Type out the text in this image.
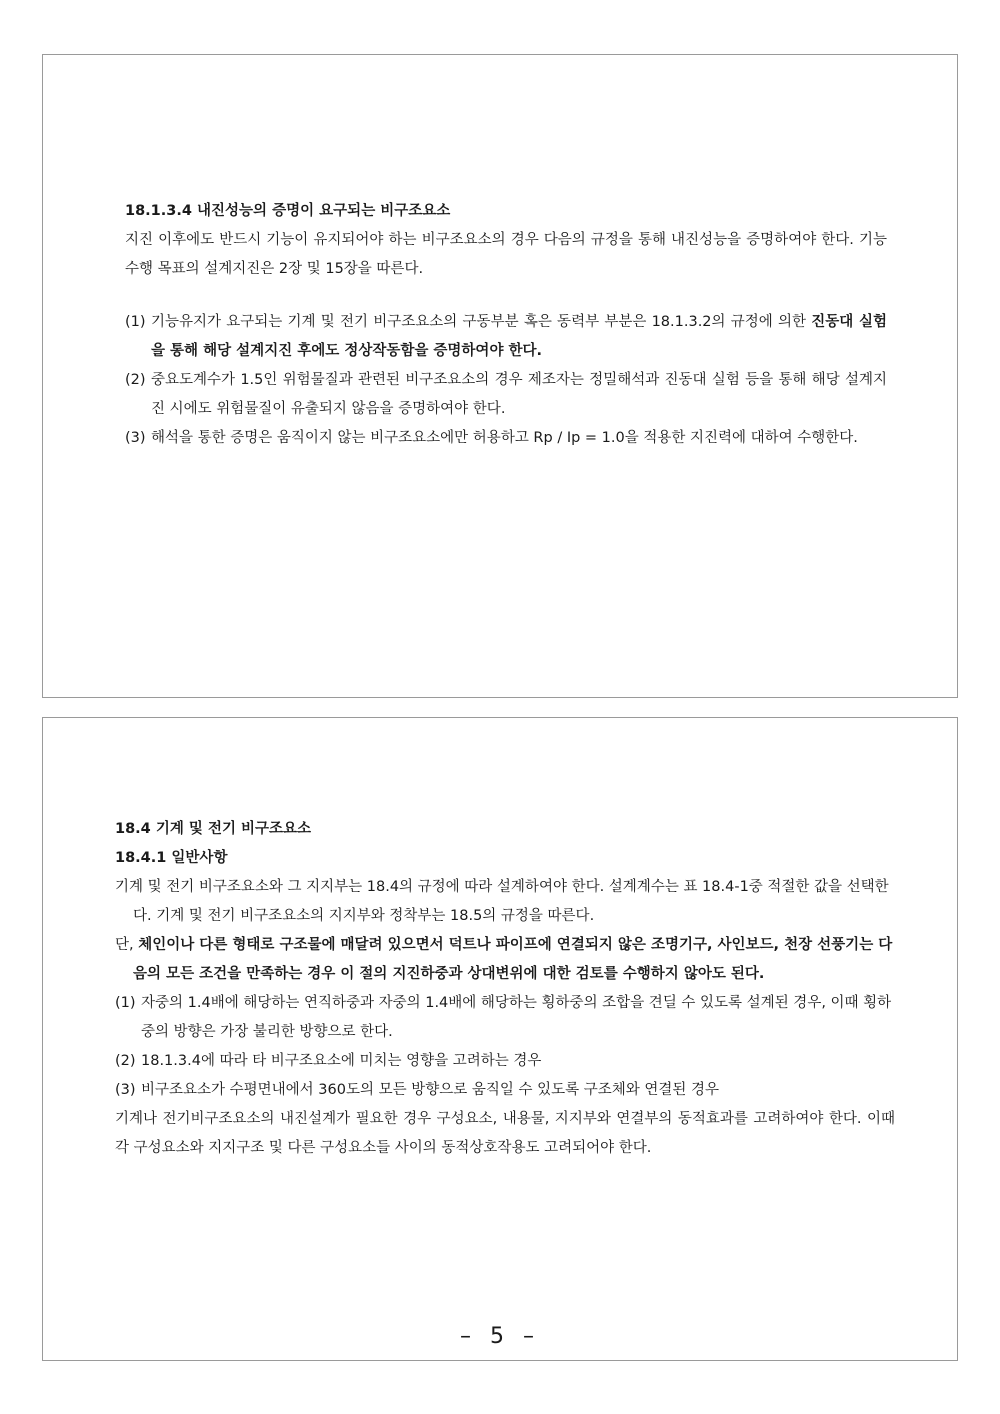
18.1.3.4 내진성능의 증명이 요구되는 비구조요소

지진 이후에도 반드시 기능이 유지되어야 하는 비구조요소의 경우 다음의 규정을 통해 내진성능을 증명하여야 한다. 기능수행 목표의 설계지진은 2장 및 15장을 따른다.

(1) 기능유지가 요구되는 기계 및 전기 비구조요소의 구동부분 혹은 동력부 부분은 18.1.3.2의 규정에 의한 진동대 실험을 통해 해당 설계지진 후에도 정상작동함을 증명하여야 한다.
(2) 중요도계수가 1.5인 위험물질과 관련된 비구조요소의 경우 제조자는 정밀해석과 진동대 실험 등을 통해 해당 설계지진 시에도 위험물질이 유출되지 않음을 증명하여야 한다.
(3) 해석을 통한 증명은 움직이지 않는 비구조요소에만 허용하고 Rp / Ip = 1.0을 적용한 지진력에 대하여 수행한다.

18.4 기계 및 전기 비구조요소

18.4.1 일반사항

기계 및 전기 비구조요소와 그 지지부는 18.4의 규정에 따라 설계하여야 한다. 설계계수는 표 18.4-1중 적절한 값을 선택한다. 기계 및 전기 비구조요소의 지지부와 정착부는 18.5의 규정을 따른다.

단, 체인이나 다른 형태로 구조물에 매달려 있으면서 덕트나 파이프에 연결되지 않은 조명기구, 사인보드, 천장 선풍기는 다음의 모든 조건을 만족하는 경우 이 절의 지진하중과 상대변위에 대한 검토를 수행하지 않아도 된다.

(1) 자중의 1.4배에 해당하는 연직하중과 자중의 1.4배에 해당하는 횡하중의 조합을 견딜 수 있도록 설계된 경우, 이때 횡하중의 방향은 가장 불리한 방향으로 한다.
(2) 18.1.3.4에 따라 타 비구조요소에 미치는 영향을 고려하는 경우
(3) 비구조요소가 수평면내에서 360도의 모든 방향으로 움직일 수 있도록 구조체와 연결된 경우

기계나 전기비구조요소의 내진설계가 필요한 경우 구성요소, 내용물, 지지부와 연결부의 동적효과를 고려하여야 한다. 이때 각 구성요소와 지지구조 및 다른 구성요소들 사이의 동적상호작용도 고려되어야 한다.

– 5 –
